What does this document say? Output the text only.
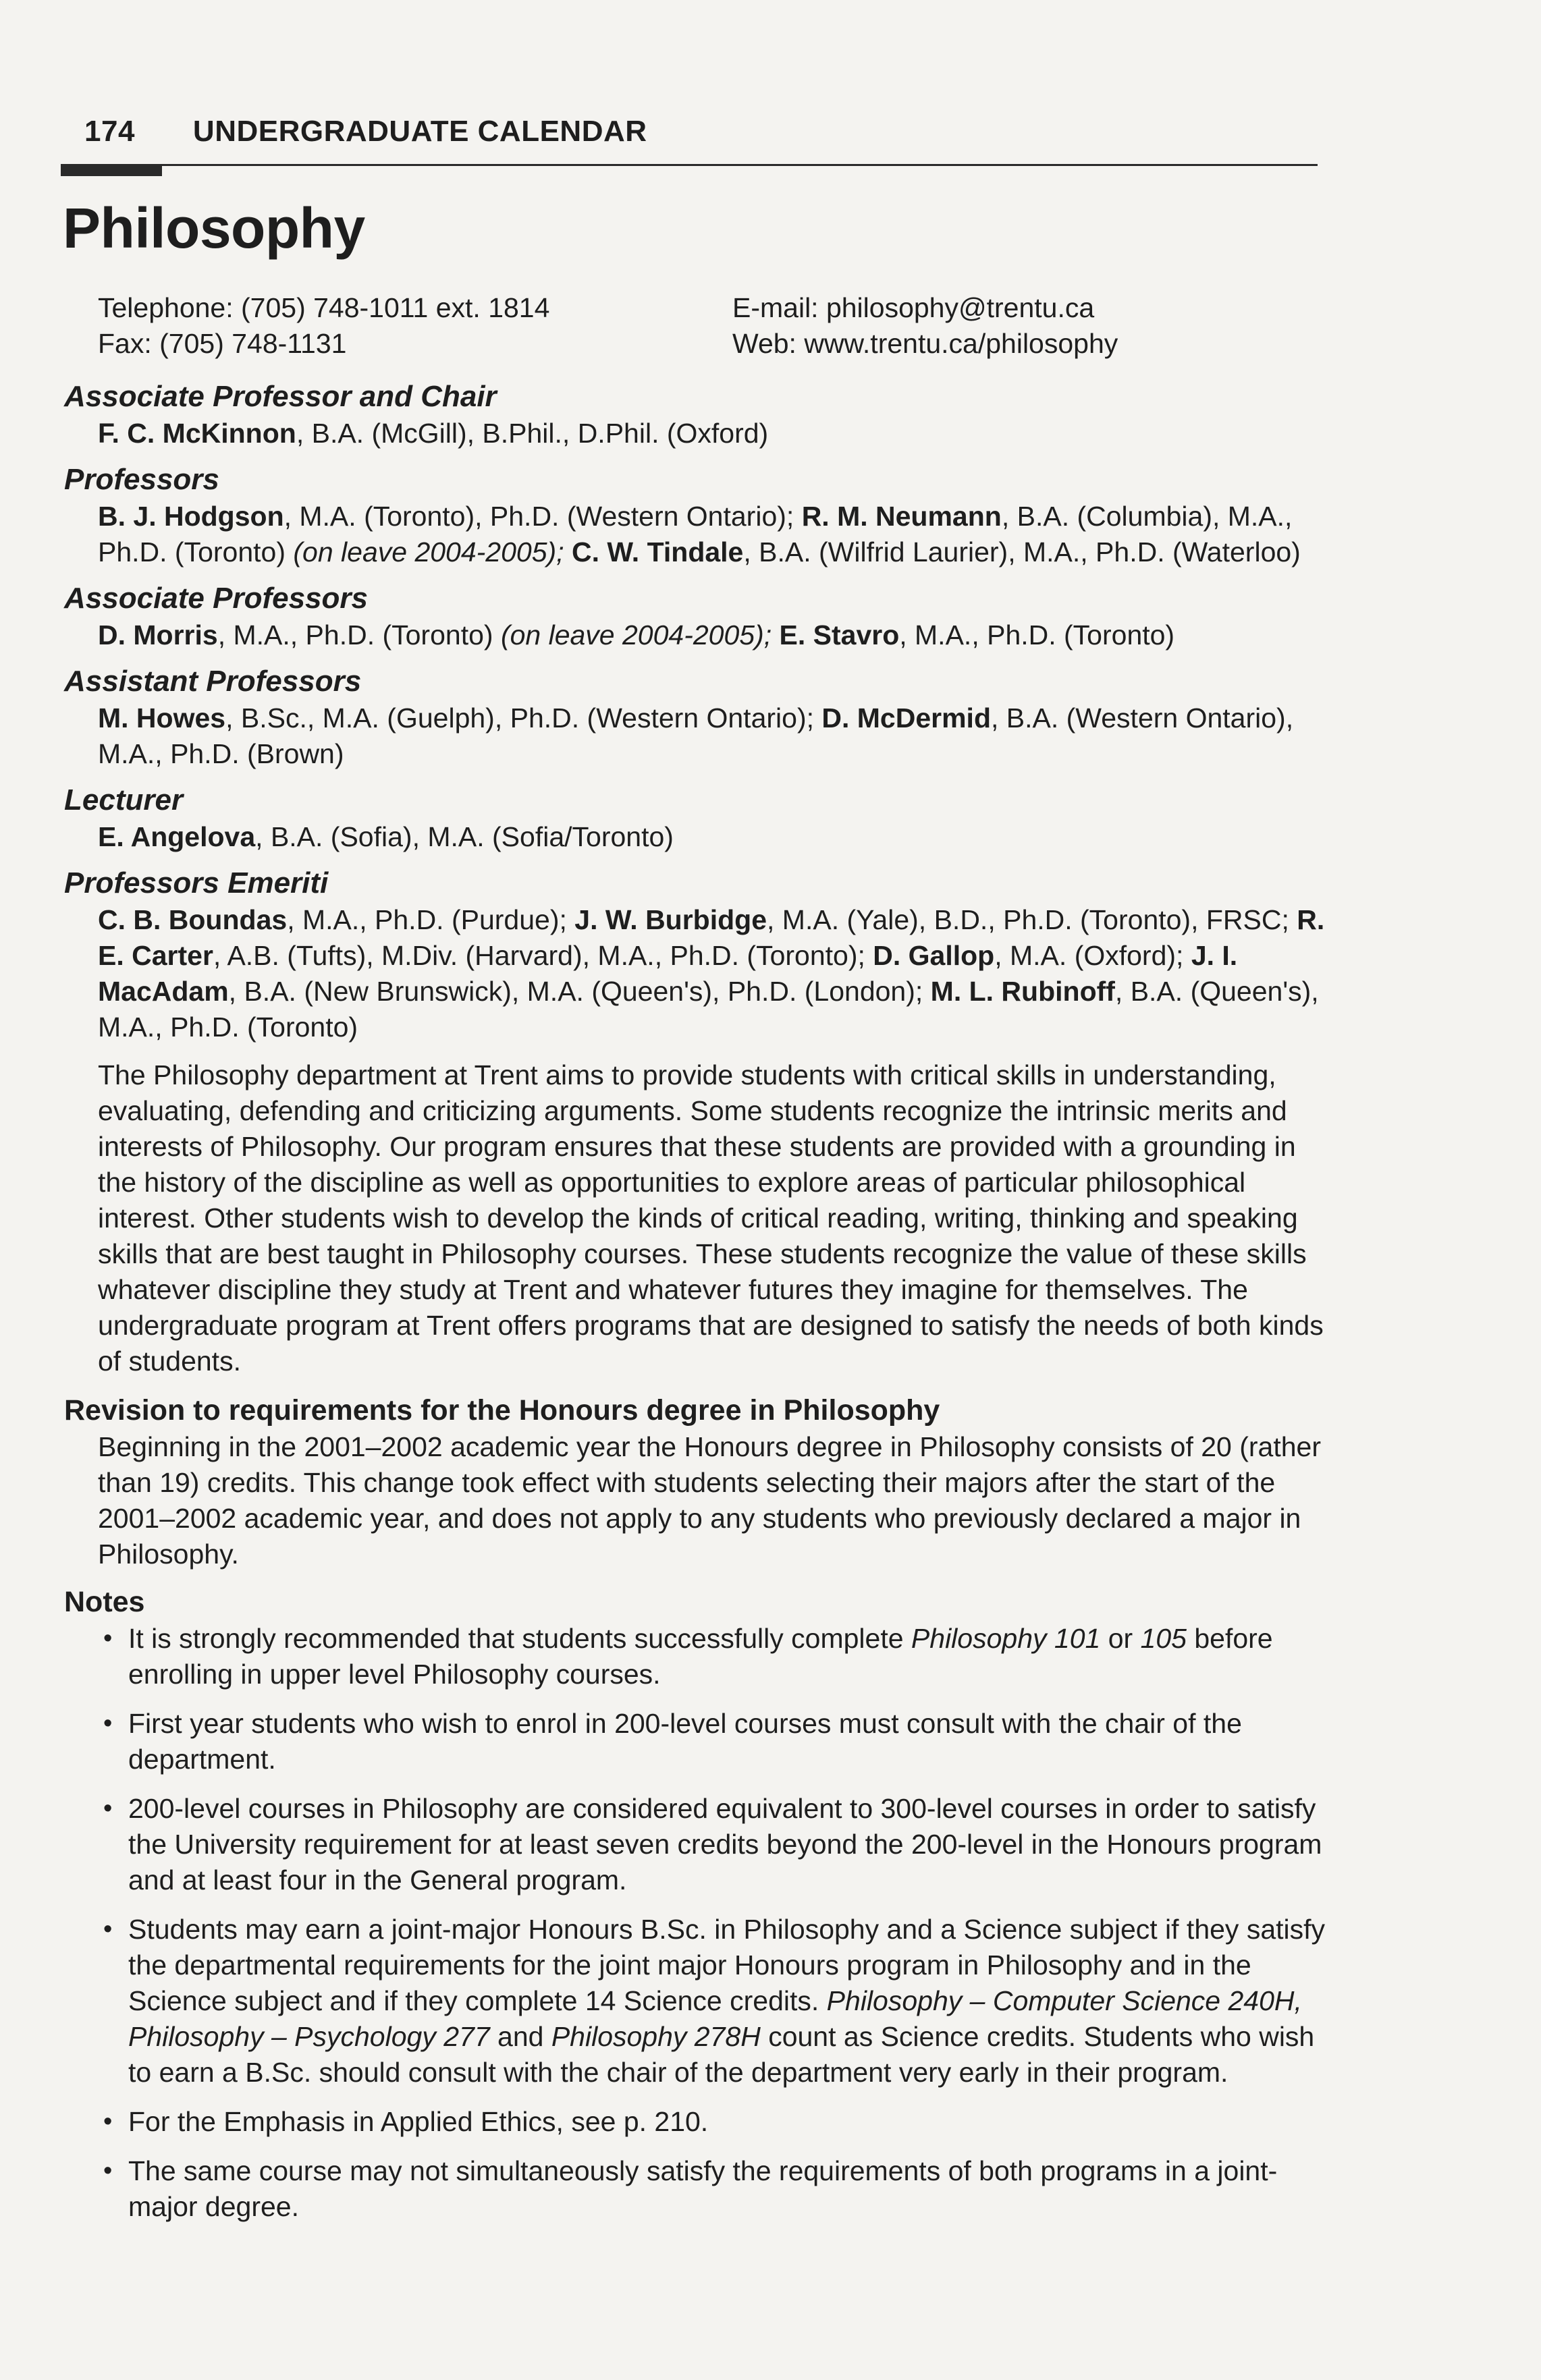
174 UNDERGRADUATE CALENDAR
Philosophy
Telephone: (705) 748-1011 ext. 1814
Fax: (705) 748-1131
E-mail: philosophy@trentu.ca
Web: www.trentu.ca/philosophy

Associate Professor and Chair

F. C. McKinnon, B.A. (McGill), B.Phil., D.Phil. (Oxford)

Professors

B. J. Hodgson, M.A. (Toronto), Ph.D. (Western Ontario); R. M. Neumann, B.A. (Columbia), M.A., Ph.D. (Toronto) (on leave 2004-2005); C. W. Tindale, B.A. (Wilfrid Laurier), M.A., Ph.D. (Waterloo)

Associate Professors

D. Morris, M.A., Ph.D. (Toronto) (on leave 2004-2005); E. Stavro, M.A., Ph.D. (Toronto)

Assistant Professors

M. Howes, B.Sc., M.A. (Guelph), Ph.D. (Western Ontario); D. McDermid, B.A. (Western Ontario), M.A., Ph.D. (Brown)

Lecturer

E. Angelova, B.A. (Sofia), M.A. (Sofia/Toronto)

Professors Emeriti

C. B. Boundas, M.A., Ph.D. (Purdue); J. W. Burbidge, M.A. (Yale), B.D., Ph.D. (Toronto), FRSC; R. E. Carter, A.B. (Tufts), M.Div. (Harvard), M.A., Ph.D. (Toronto); D. Gallop, M.A. (Oxford); J. I. MacAdam, B.A. (New Brunswick), M.A. (Queen's), Ph.D. (London); M. L. Rubinoff, B.A. (Queen's), M.A., Ph.D. (Toronto)

The Philosophy department at Trent aims to provide students with critical skills in understanding, evaluating, defending and criticizing arguments. Some students recognize the intrinsic merits and interests of Philosophy. Our program ensures that these students are provided with a grounding in the history of the discipline as well as opportunities to explore areas of particular philosophical interest. Other students wish to develop the kinds of critical reading, writing, thinking and speaking skills that are best taught in Philosophy courses. These students recognize the value of these skills whatever discipline they study at Trent and whatever futures they imagine for themselves. The undergraduate program at Trent offers programs that are designed to satisfy the needs of both kinds of students.

Revision to requirements for the Honours degree in Philosophy

Beginning in the 2001–2002 academic year the Honours degree in Philosophy consists of 20 (rather than 19) credits. This change took effect with students selecting their majors after the start of the 2001–2002 academic year, and does not apply to any students who previously declared a major in Philosophy.

Notes

• It is strongly recommended that students successfully complete Philosophy 101 or 105 before enrolling in upper level Philosophy courses.
• First year students who wish to enrol in 200-level courses must consult with the chair of the department.
• 200-level courses in Philosophy are considered equivalent to 300-level courses in order to satisfy the University requirement for at least seven credits beyond the 200-level in the Honours program and at least four in the General program.
• Students may earn a joint-major Honours B.Sc. in Philosophy and a Science subject if they satisfy the departmental requirements for the joint major Honours program in Philosophy and in the Science subject and if they complete 14 Science credits. Philosophy – Computer Science 240H, Philosophy – Psychology 277 and Philosophy 278H count as Science credits. Students who wish to earn a B.Sc. should consult with the chair of the department very early in their program.
• For the Emphasis in Applied Ethics, see p. 210.
• The same course may not simultaneously satisfy the requirements of both programs in a joint-major degree.
